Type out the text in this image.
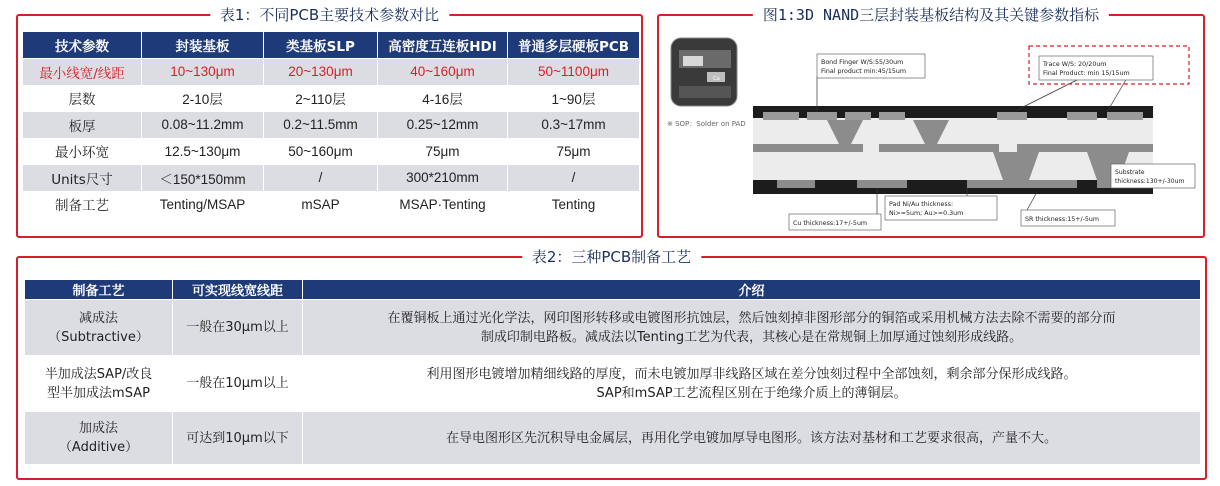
表1：不同PCB主要技术参数对比
技术参数	封装基板	类基板SLP	高密度互连板HDI	普通多层硬板PCB
最小线宽/线距	10~130μm	20~130μm	40~160μm	50~1100μm
层数	2-10层	2~110层	4-16层	1~90层
板厚	0.08~11.2mm	0.2~11.5mm	0.25~12mm	0.3~17mm
最小环宽	12.5~130μm	50~160μm	75μm	75μm
Units尺寸	＜150*150mm	/	300*210mm	/
制备工艺	Tenting/MSAP	mSAP	MSAP·Tenting	Tenting
图1:3D NAND三层封装基板结构及其关键参数指标
Cu
※ SOP：Solder on PAD
Bond Finger W/S:55/30um
Final product min:45/15um
Trace W/S: 20/20um
Final Product: min 15/15um
Substrate
thickness:130+/-30um
Pad Ni/Au thickness:
Ni>=5um; Au>=0.3um
Cu thickness:17+/-5um
SR thickness:15+/-5um
表2：三种PCB制备工艺
制备工艺	可实现线宽线距	介绍

减成法
（Subtractive）	一般在30μm以上	在覆铜板上通过光化学法，网印图形转移或电镀图形抗蚀层，然后蚀刻掉非图形部分的铜箔或采用机械方法去除不需要的部分而
制成印制电路板。减成法以Tenting工艺为代表，其核心是在常规铜上加厚通过蚀刻形成线路。

半加成法SAP/改良
型半加成法mSAP	一般在10μm以上	利用图形电镀增加精细线路的厚度，而未电镀加厚非线路区域在差分蚀刻过程中全部蚀刻，剩余部分保形成线路。
SAP和mSAP工艺流程区别在于绝缘介质上的薄铜层。

加成法
（Additive）	可达到10μm以下	在导电图形区先沉积导电金属层，再用化学电镀加厚导电图形。该方法对基材和工艺要求很高，产量不大。
